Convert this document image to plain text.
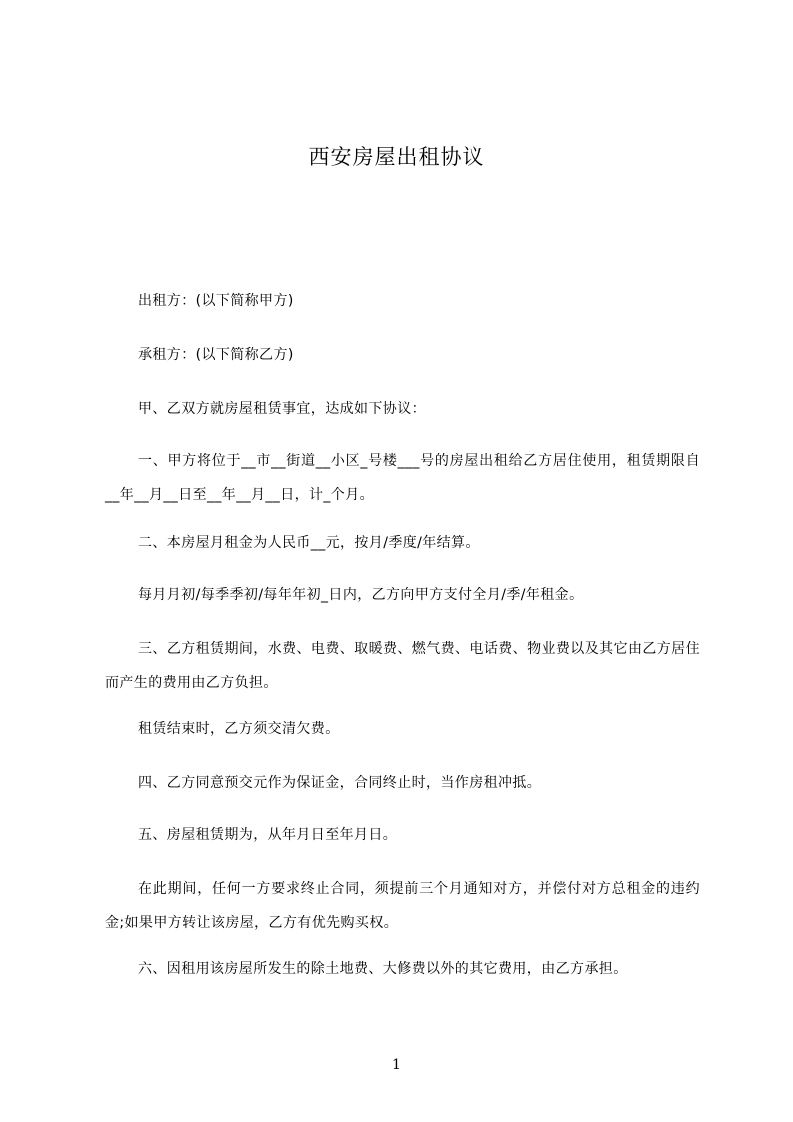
西安房屋出租协议

出租方：(以下简称甲方)

承租方：(以下简称乙方)

甲、乙双方就房屋租赁事宜，达成如下协议：

一、甲方将位于__市__街道__小区_号楼___号的房屋出租给乙方居住使用，租赁期限自__年__月__日至__年__月__日，计_个月。

二、本房屋月租金为人民币__元，按月/季度/年结算。

每月月初/每季季初/每年年初_日内，乙方向甲方支付全月/季/年租金。

三、乙方租赁期间，水费、电费、取暖费、燃气费、电话费、物业费以及其它由乙方居住而产生的费用由乙方负担。

租赁结束时，乙方须交清欠费。

四、乙方同意预交元作为保证金，合同终止时，当作房租冲抵。

五、房屋租赁期为，从年月日至年月日。

在此期间，任何一方要求终止合同，须提前三个月通知对方，并偿付对方总租金的违约金;如果甲方转让该房屋，乙方有优先购买权。

六、因租用该房屋所发生的除土地费、大修费以外的其它费用，由乙方承担。

1
